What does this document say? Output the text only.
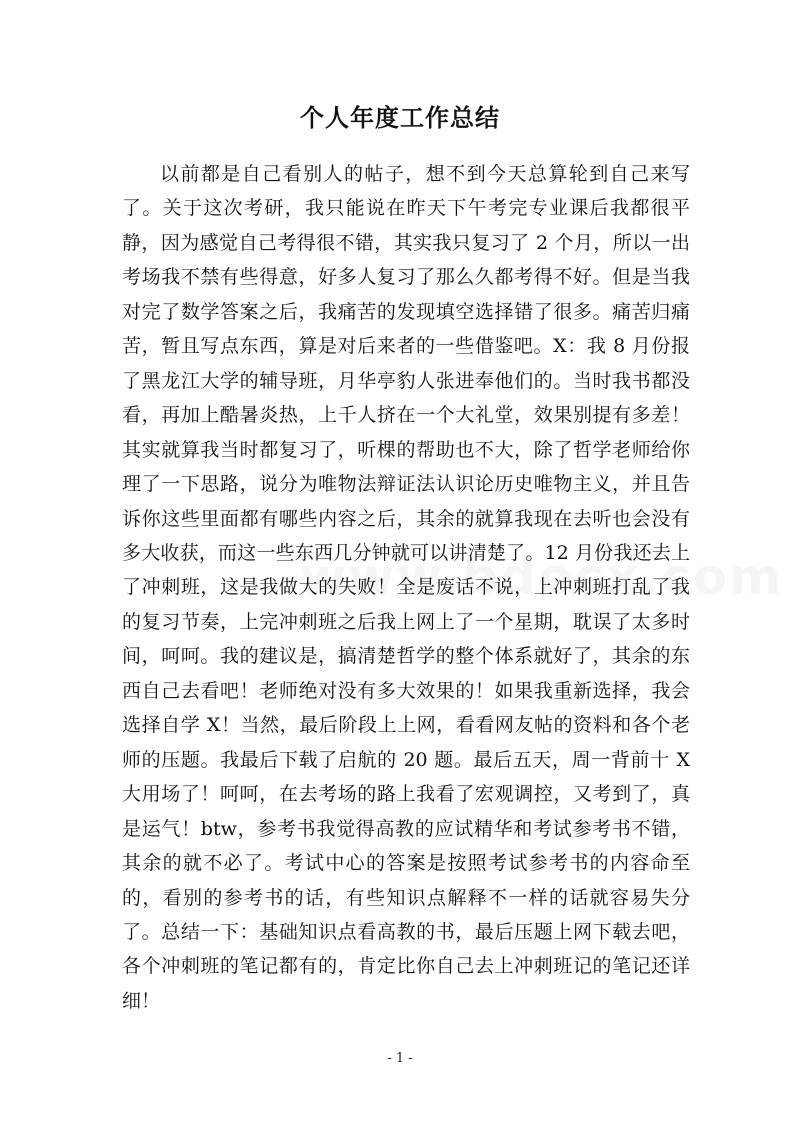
个人年度工作总结

以前都是自己看别人的帖子，想不到今天总算轮到自己来写了。关于这次考研，我只能说在昨天下午考完专业课后我都很平静，因为感觉自己考得很不错，其实我只复习了 2 个月，所以一出考场我不禁有些得意，好多人复习了那么久都考得不好。但是当我对完了数学答案之后，我痛苦的发现填空选择错了很多。痛苦归痛苦，暂且写点东西，算是对后来者的一些借鉴吧。X：我 8 月份报了黑龙江大学的辅导班，月华亭豹人张进奉他们的。当时我书都没看，再加上酷暑炎热，上千人挤在一个大礼堂，效果别提有多差！其实就算我当时都复习了，听棵的帮助也不大，除了哲学老师给你理了一下思路，说分为唯物法辩证法认识论历史唯物主义，并且告诉你这些里面都有哪些内容之后，其余的就算我现在去听也会没有多大收获，而这一些东西几分钟就可以讲清楚了。12 月份我还去上了冲刺班，这是我做大的失败！全是废话不说，上冲刺班打乱了我的复习节奏，上完冲刺班之后我上网上了一个星期，耽误了太多时间，呵呵。我的建议是，搞清楚哲学的整个体系就好了，其余的东西自己去看吧！老师绝对没有多大效果的！如果我重新选择，我会选择自学 X！当然，最后阶段上上网，看看网友帖的资料和各个老师的压题。我最后下载了启航的 20 题。最后五天，周一背前十 X 大用场了！呵呵，在去考场的路上我看了宏观调控，又考到了，真是运气！btw，参考书我觉得高教的应试精华和考试参考书不错，其余的就不必了。考试中心的答案是按照考试参考书的内容命至的，看别的参考书的话，有些知识点解释不一样的话就容易失分了。总结一下：基础知识点看高教的书，最后压题上网下载去吧，各个冲刺班的笔记都有的，肯定比你自己去上冲刺班记的笔记还详细！

- 1 -
